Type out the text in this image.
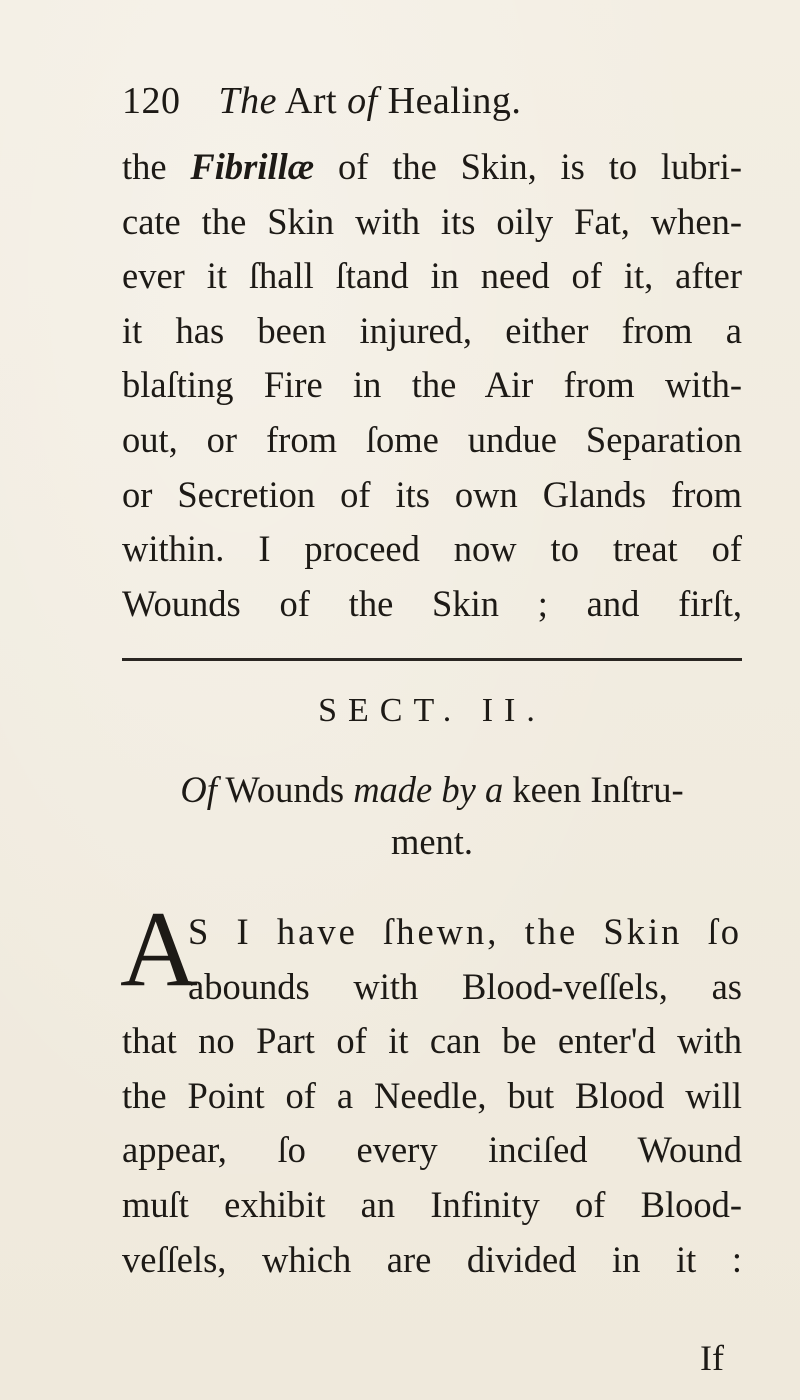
120 The Art of Healing.
the Fibrillæ of the Skin, is to lubri-
cate the Skin with its oily Fat, when-
ever it ſhall ſtand in need of it, after
it has been injured, either from a
blaſting Fire in the Air from with-
out, or from ſome undue Separation
or Secretion of its own Glands from
within. I proceed now to treat of
Wounds of the Skin ; and firſt,
SECT. II.
Of Wounds made by a keen Inſtru-
ment.
A
S I have ſhewn, the Skin ſo
abounds with Blood-veſſels, as
that no Part of it can be enter'd with
the Point of a Needle, but Blood will
appear, ſo every inciſed Wound
muſt exhibit an Infinity of Blood-
veſſels, which are divided in it :
If
